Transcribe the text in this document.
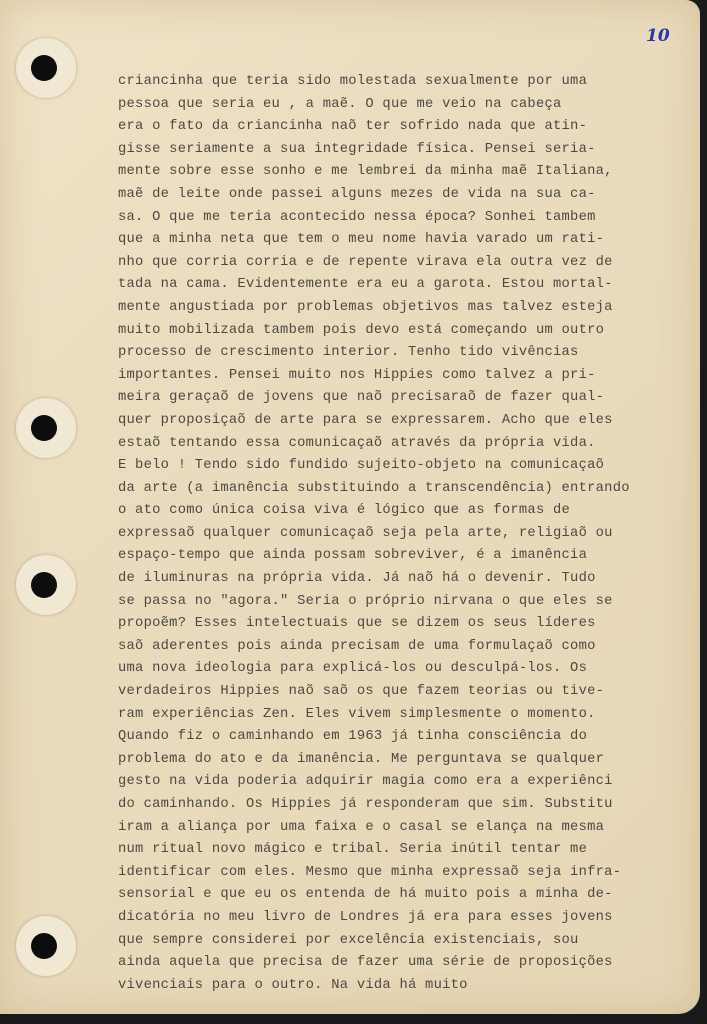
10
criancinha que teria sido molestada sexualmente por uma
pessoa que seria eu , a maẽ. O que me veio na cabeça
era o fato da criancinha naõ ter sofrido nada que atin-
gisse seriamente a sua integridade física. Pensei seria-
mente sobre esse sonho e me lembrei da minha maẽ Italiana,
maẽ de leite onde passei alguns mezes de vida na sua ca-
sa. O que me teria acontecido nessa época? Sonhei tambem
que a minha neta que tem o meu nome havia varado um rati-
nho que corria corria e de repente virava ela outra vez de
tada na cama. Evidentemente era eu a garota. Estou mortal-
mente angustiada por problemas objetivos mas talvez esteja
muito mobilizada tambem pois devo está começando um outro
processo de crescimento interior. Tenho tido vivências
importantes. Pensei muito nos Hippies como talvez a pri-
meira geraçaõ de jovens que naõ precisaraõ de fazer qual-
quer proposiçaõ de arte para se expressarem. Acho que eles
estaõ tentando essa comunicaçaõ através da própria vida.
E belo ! Tendo sido fundido sujeito-objeto na comunicaçaõ
da arte (a imanência substituindo a transcendência) entrando
o ato como única coisa viva é lógico que as formas de
expressaõ qualquer comunicaçaõ seja pela arte, religiaõ ou
espaço-tempo que ainda possam sobreviver, é a imanência
de iluminuras na própria vida. Já naõ há o devenir. Tudo
se passa no "agora." Seria o próprio nirvana o que eles se
propoẽm? Esses intelectuais que se dizem os seus líderes
saõ aderentes pois ainda precisam de uma formulaçaõ como
uma nova ideologia para explicá-los ou desculpá-los. Os
verdadeiros Hippies naõ saõ os que fazem teorias ou tive-
ram experiências Zen. Eles vivem simplesmente o momento.
Quando fiz o caminhando em 1963 já tinha consciência do
problema do ato e da imanência. Me perguntava se qualquer
gesto na vida poderia adquirir magia como era a experiênci
do caminhando. Os Hippies já responderam que sim. Substitu
iram a aliança por uma faixa e o casal se elança na mesma
num ritual novo mágico e tribal. Seria inútil tentar me
identificar com eles. Mesmo que minha expressaõ seja infra-
sensorial e que eu os entenda de há muito pois a minha de-
dicatória no meu livro de Londres já era para esses jovens
que sempre considerei por excelência existenciais, sou
ainda aquela que precisa de fazer uma série de proposições
vivenciais para o outro. Na vida há muito
